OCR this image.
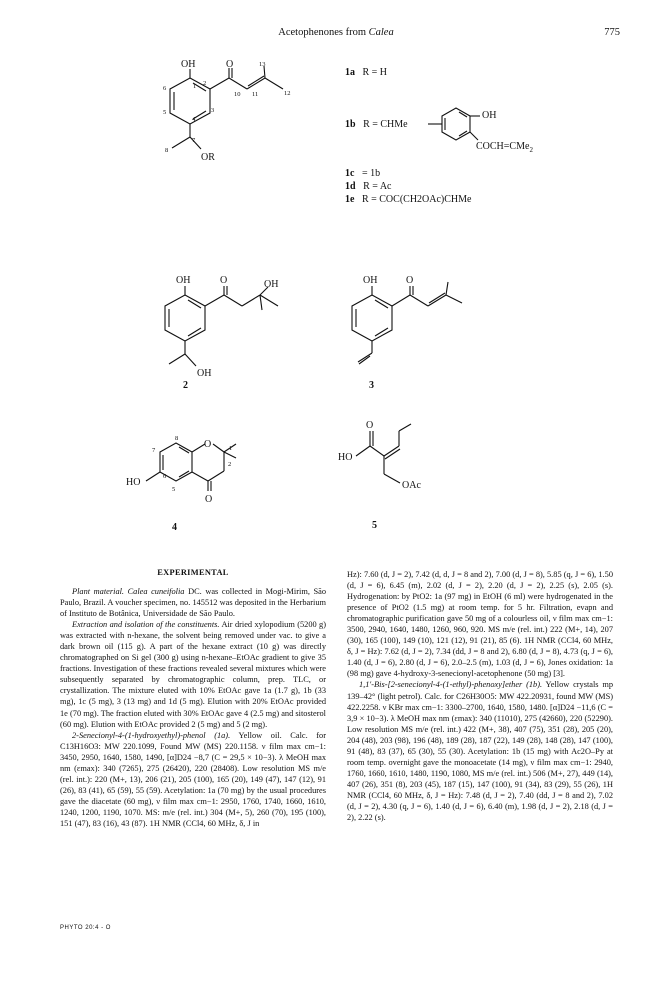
Acetophenones from Calea	775
OH	O
OR
OH	O	OH
OH
OH	O
HO
O
O
O
HO
OAc
1 2
3
4
5
6
7
8
10 11	12
13
1
2
5
6
7
8
1a R = H
1b R = CHMe
OH
COCH=CMe$_2$
1c = 1b
1d R = Ac
1e R = COC(CH2OAc)CHMe
2	3
4	5
EXPERIMENTAL

Plant material. Calea cuneifolia DC. was collected in Mogi-Mirim, São Paulo, Brazil. A voucher specimen, no. 145512 was deposited in the Herbarium of Instituto de Botânica, Universidade de São Paulo.

Extraction and isolation of the constituents. Air dried xylopodium (5200 g) was extracted with n-hexane, the solvent being removed under vac. to give a dark brown oil (115 g). A part of the hexane extract (10 g) was directly chromatographed on Si gel (300 g) using n-hexane–EtOAc gradient to give 35 fractions. Investigation of these fractions revealed several mixtures which were subsequently separated by chromatographic column, prep. TLC, or crystallization. The mixture eluted with 10% EtOAc gave 1a (1.7 g), 1b (33 mg), 1c (5 mg), 3 (13 mg) and 1d (5 mg). Elution with 20% EtOAc provided 1e (70 mg). The fraction eluted with 30% EtOAc gave 4 (2.5 mg) and sitosterol (60 mg). Elution with EtOAc provided 2 (5 mg) and 5 (2 mg).

2-Senecionyl-4-(1-hydroxyethyl)-phenol (1a). Yellow oil. Calc. for C13H16O3: MW 220.1099, Found MW (MS) 220.1158. ν film max cm−1: 3450, 2950, 1640, 1580, 1490, [α]D24 −8,7 (C = 29,5 × 10−3). λ MeOH max nm (εmax): 340 (7265), 275 (26420), 220 (28408). Low resolution MS m/e (rel. int.): 220 (M+, 13), 206 (21), 205 (100), 165 (20), 149 (47), 147 (12), 91 (26), 83 (41), 65 (59), 55 (59). Acetylation: 1a (70 mg) by the usual procedures gave the diacetate (60 mg), ν film max cm−1: 2950, 1760, 1740, 1660, 1610, 1240, 1200, 1190, 1070. MS: m/e (rel. int.) 304 (M+, 5), 260 (70), 195 (100), 151 (47), 83 (16), 43 (87). 1H NMR (CCl4, 60 MHz, δ, J in

Hz): 7.60 (d, J = 2), 7.42 (d, d, J = 8 and 2), 7.00 (d, J = 8), 5.85 (q, J = 6), 1.50 (d, J = 6), 6.45 (m), 2.02 (d, J = 2), 2.20 (d, J = 2), 2.25 (s), 2.05 (s). Hydrogenation: by PtO2: 1a (97 mg) in EtOH (6 ml) were hydrogenated in the presence of PtO2 (1.5 mg) at room temp. for 5 hr. Filtration, evapn and chromatographic purification gave 50 mg of a colourless oil, ν film max cm−1: 3500, 2940, 1640, 1480, 1260, 960, 920. MS m/e (rel. int.) 222 (M+, 14), 207 (30), 165 (100), 149 (10), 121 (12), 91 (21), 85 (6). 1H NMR (CCl4, 60 MHz, δ, J = Hz): 7.62 (d, J = 2), 7.34 (dd, J = 8 and 2), 6.80 (d, J = 8), 4.73 (q, J = 6), 1.40 (d, J = 6), 2.80 (d, J = 6), 2.0–2.5 (m), 1.03 (d, J = 6), Jones oxidation: 1a (98 mg) gave 4-hydroxy-3-senecionyl-acetophenone (50 mg) [3].

1,1′-Bis-[2-senecionyl-4-(1-ethyl)-phenoxy]ether (1b). Yellow crystals mp 139–42° (light petrol). Calc. for C26H30O5: MW 422.20931, found MW (MS) 422.2258. ν KBr max cm−1: 3300–2700, 1640, 1580, 1480. [α]D24 −11,6 (C = 3,9 × 10−3). λ MeOH max nm (εmax): 340 (11010), 275 (42660), 220 (52290). Low resolution MS m/e (rel. int.) 422 (M+, 38), 407 (75), 351 (28), 205 (20), 204 (48), 203 (98), 196 (48), 189 (28), 187 (22), 149 (28), 148 (28), 147 (100), 91 (48), 83 (37), 65 (30), 55 (30). Acetylation: 1b (15 mg) with Ac2O–Py at room temp. overnight gave the monoacetate (14 mg), ν film max cm−1: 2940, 1760, 1660, 1610, 1480, 1190, 1080, MS m/e (rel. int.) 506 (M+, 27), 449 (14), 407 (26), 351 (8), 203 (45), 187 (15), 147 (100), 91 (34), 83 (29), 55 (26), 1H NMR (CCl4, 60 MHz, δ, J = Hz): 7.48 (d, J = 2), 7.40 (dd, J = 8 and 2), 7.02 (d, J = 2), 4.30 (q, J = 6), 1.40 (d, J = 6), 6.40 (m), 1.98 (d, J = 2), 2.18 (d, J = 2), 2.22 (s).

PHYTO 20:4 - O
